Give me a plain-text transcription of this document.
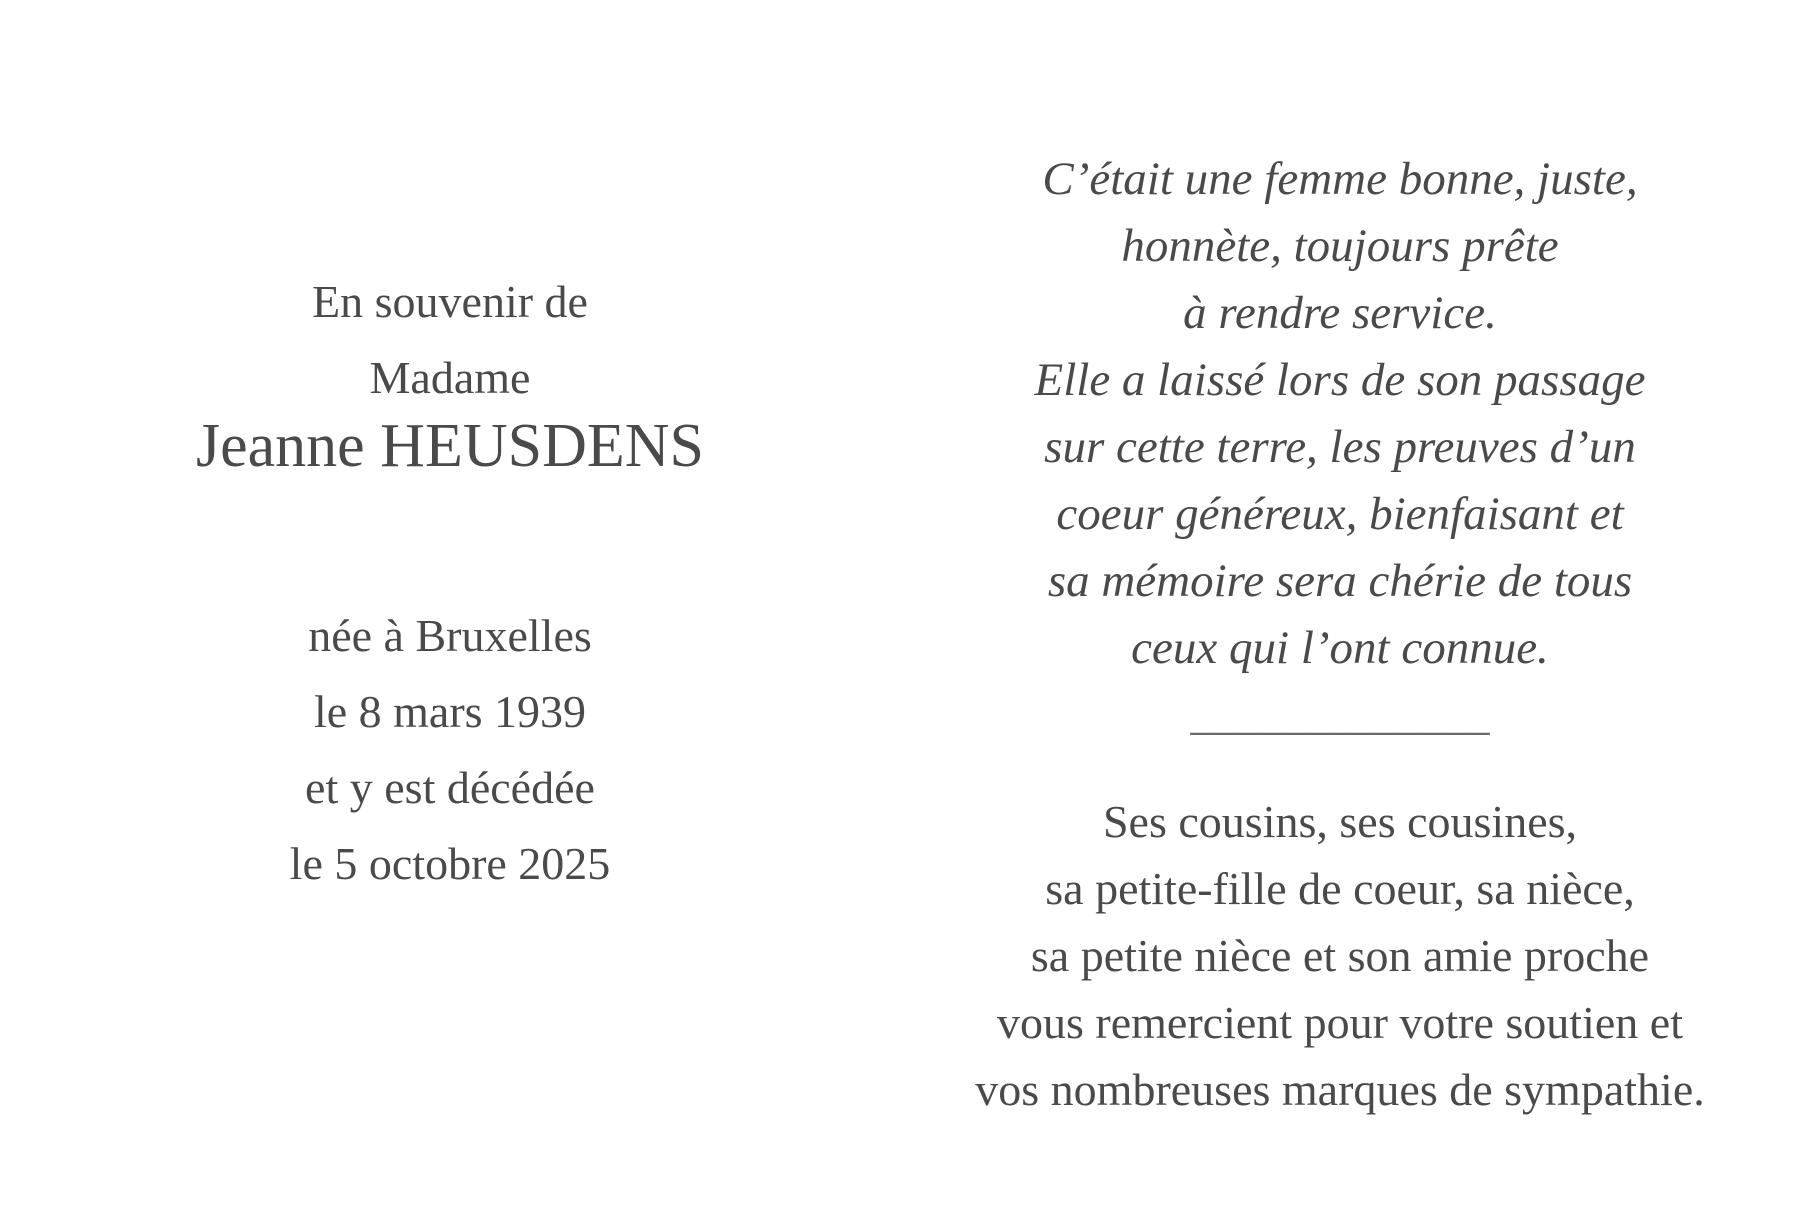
En souvenir de
Madame
Jeanne HEUSDENS
née à Bruxelles
le 8 mars 1939
et y est décédée
le 5 octobre 2025
C’était une femme bonne, juste,
honnète, toujours prête
à rendre service.
Elle a laissé lors de son passage
sur cette terre, les preuves d’un
coeur généreux, bienfaisant et
sa mémoire sera chérie de tous
ceux qui l’ont connue.
_____________
Ses cousins, ses cousines,
sa petite-fille de coeur, sa nièce,
sa petite nièce et son amie proche
vous remercient pour votre soutien et
vos nombreuses marques de sympathie.
